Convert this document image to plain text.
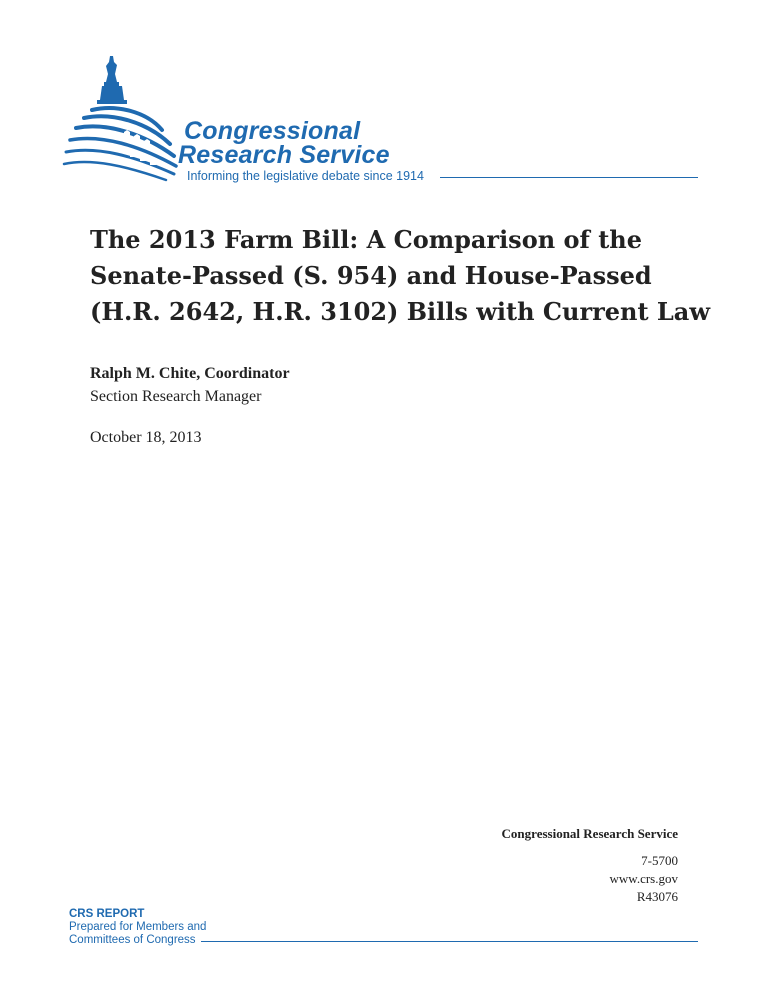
Congressional
Research Service
Informing the legislative debate since 1914
The 2013 Farm Bill: A Comparison of the Senate-Passed (S. 954) and House-Passed (H.R. 2642, H.R. 3102) Bills with Current Law
Ralph M. Chite, Coordinator
Section Research Manager
October 18, 2013
Congressional Research Service
7-5700
www.crs.gov
R43076
CRS REPORT
Prepared for Members and
Committees of Congress
